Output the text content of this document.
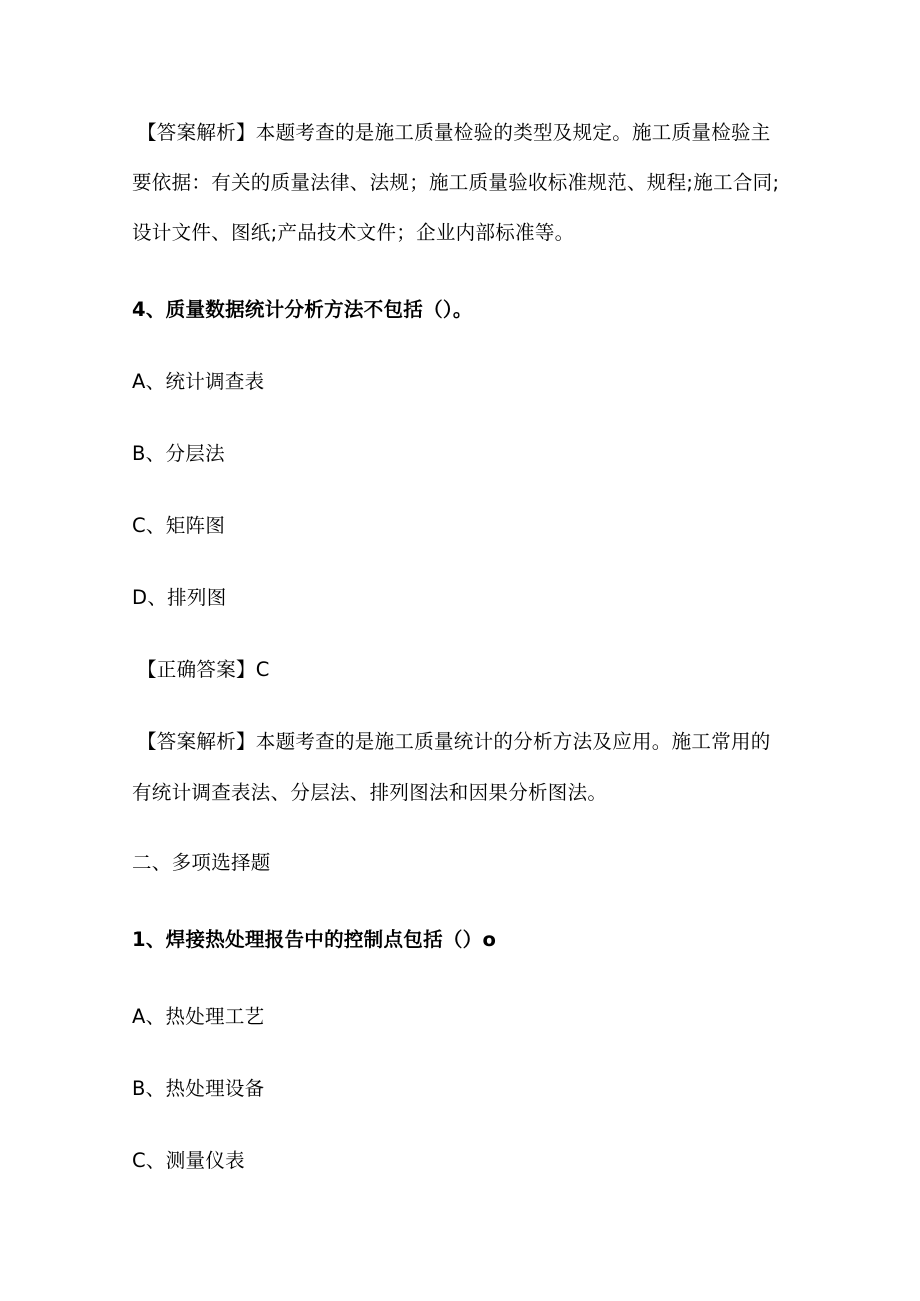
【答案解析】本题考查的是施工质量检验的类型及规定。施工质量检验主
要依据：有关的质量法律、法规；施工质量验收标准规范、规程;施工合同;
设计文件、图纸;产品技术文件；企业内部标准等。
4、质量数据统计分析方法不包括（）。
A、统计调查表
B、分层法
C、矩阵图
D、排列图
【正确答案】C
【答案解析】本题考查的是施工质量统计的分析方法及应用。施工常用的
有统计调查表法、分层法、排列图法和因果分析图法。
二、多项选择题
1、焊接热处理报告中的控制点包括（）o
A、热处理工艺
B、热处理设备
C、测量仪表
